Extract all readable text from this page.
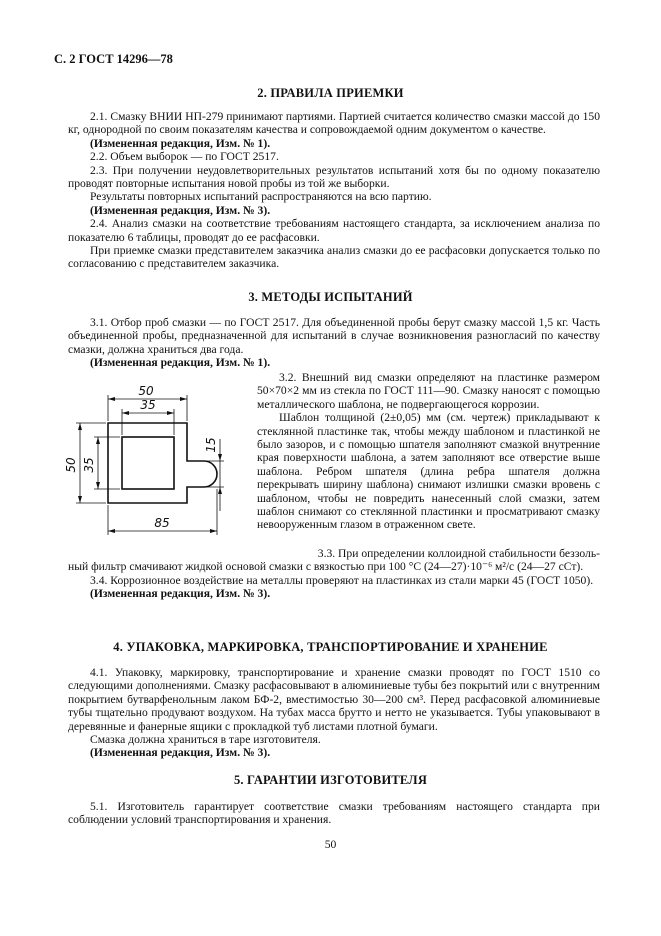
С. 2 ГОСТ 14296—78
2. ПРАВИЛА ПРИЕМКИ

2.1. Смазку ВНИИ НП-279 принимают партиями. Партией считается количество смазки массой до 150 кг, однородной по своим показателям качества и сопровождаемой одним документом о качестве.

(Измененная редакция, Изм. № 1).

2.2. Объем выборок — по ГОСТ 2517.

2.3. При получении неудовлетворительных результатов испытаний хотя бы по одному показателю проводят повторные испытания новой пробы из той же выборки.

Результаты повторных испытаний распространяются на всю партию.

(Измененная редакция, Изм. № 3).

2.4. Анализ смазки на соответствие требованиям настоящего стандарта, за исключением анализа по показателю 6 таблицы, проводят до ее расфасовки.

При приемке смазки представителем заказчика анализ смазки до ее расфасовки допускается только по согласованию с представителем заказчика.

3. МЕТОДЫ ИСПЫТАНИЙ

3.1. Отбор проб смазки — по ГОСТ 2517. Для объединенной пробы берут смазку массой 1,5 кг. Часть объединенной пробы, предназначенной для испытаний в случае возникновения разногласий по качеству смазки, должна храниться два года.

(Измененная редакция, Изм. № 1).

50
35
50 35
15
85

3.2. Внешний вид смазки определяют на пластинке размером 50×70×2 мм из стекла по ГОСТ 111—90. Смазку наносят с помощью металлического шаблона, не подвергающегося коррозии.

Шаблон толщиной (2±0,05) мм (см. чертеж) прикладывают к стеклянной пластинке так, чтобы между шаблоном и пластинкой не было зазоров, и с помощью шпателя заполняют смазкой внутренние края поверхности шаблона, а затем заполняют все отверстие выше шаблона. Ребром шпателя (длина ребра шпателя должна перекрывать ширину шаблона) снимают излишки смазки вровень с шаблоном, чтобы не повредить нанесенный слой смазки, затем шаблон снимают со стеклянной пластинки и просматривают смазку невооруженным глазом в отраженном свете.

3.3. При определении коллоидной стабильности беззоль-

ный фильтр смачивают жидкой основой смазки с вязкостью при 100 °С (24—27)·10⁻⁶ м²/с (24—27 сСт).

3.4. Коррозионное воздействие на металлы проверяют на пластинках из стали марки 45 (ГОСТ 1050).

(Измененная редакция, Изм. № 3).

4. УПАКОВКА, МАРКИРОВКА, ТРАНСПОРТИРОВАНИЕ И ХРАНЕНИЕ

4.1. Упаковку, маркировку, транспортирование и хранение смазки проводят по ГОСТ 1510 со следующими дополнениями. Смазку расфасовывают в алюминиевые тубы без покрытий или с внутренним покрытием бутварфенольным лаком БФ-2, вместимостью 30—200 см³. Перед расфасовкой алюминиевые тубы тщательно продувают воздухом. На тубах масса брутто и нетто не указывается. Тубы упаковывают в деревянные и фанерные ящики с прокладкой туб листами плотной бумаги.

Смазка должна храниться в таре изготовителя.

(Измененная редакция, Изм. № 3).

5. ГАРАНТИИ ИЗГОТОВИТЕЛЯ

5.1. Изготовитель гарантирует соответствие смазки требованиям настоящего стандарта при соблюдении условий транспортирования и хранения.

50
